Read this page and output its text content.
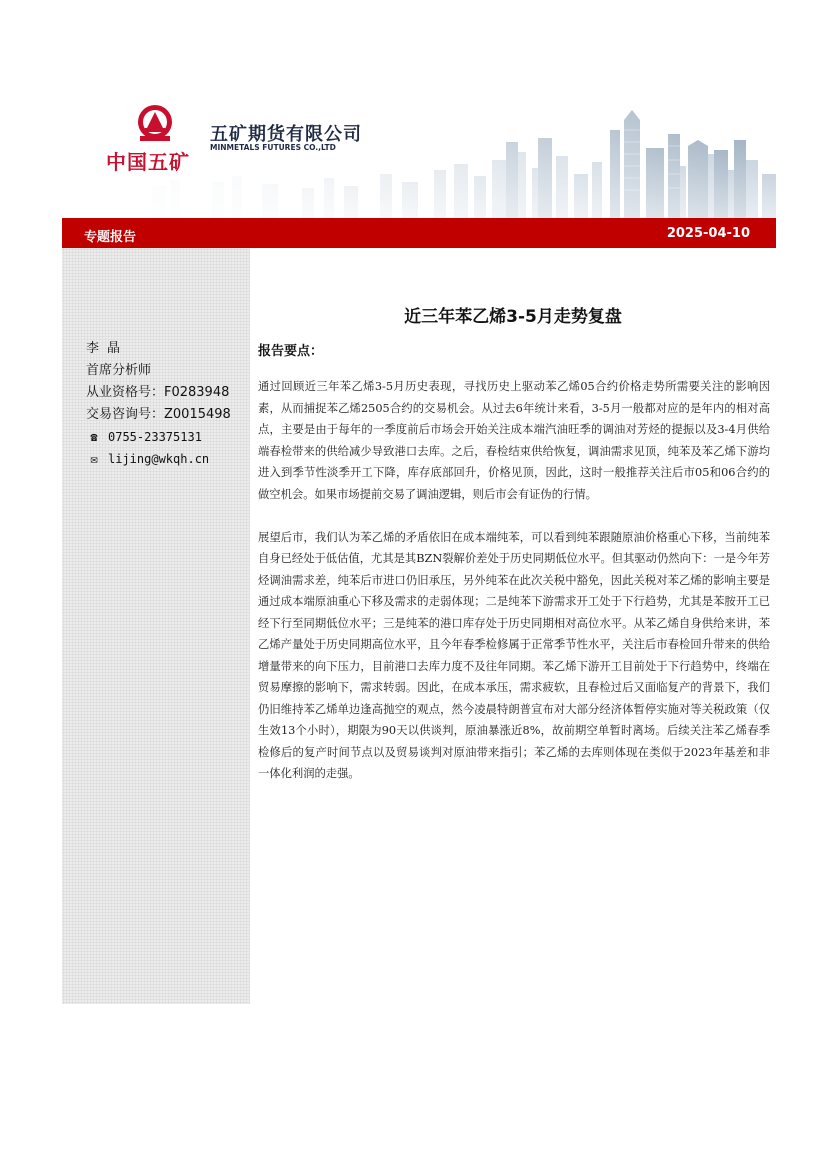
中国五矿
五矿期货有限公司
MINMETALS FUTURES CO.,LTD
专题报告	2025-04-10
李晶
首席分析师
从业资格号：F0283948
交易咨询号：Z0015498
☎ 0755-23375131
✉ lijing@wkqh.cn
近三年苯乙烯3-5月走势复盘
报告要点：

通过回顾近三年苯乙烯3-5月历史表现，寻找历史上驱动苯乙烯05合约价格走势所需要关注的影响因素，从而捕捉苯乙烯2505合约的交易机会。从过去6年统计来看，3-5月一般都对应的是年内的相对高点，主要是由于每年的一季度前后市场会开始关注成本端汽油旺季的调油对芳烃的提振以及3-4月供给端春检带来的供给减少导致港口去库。之后，春检结束供给恢复，调油需求见顶，纯苯及苯乙烯下游均进入到季节性淡季开工下降，库存底部回升，价格见顶，因此，这时一般推荐关注后市05和06合约的做空机会。如果市场提前交易了调油逻辑，则后市会有证伪的行情。

展望后市，我们认为苯乙烯的矛盾依旧在成本端纯苯，可以看到纯苯跟随原油价格重心下移，当前纯苯自身已经处于低估值，尤其是其BZN裂解价差处于历史同期低位水平。但其驱动仍然向下：一是今年芳烃调油需求差，纯苯后市进口仍旧承压，另外纯苯在此次关税中豁免，因此关税对苯乙烯的影响主要是通过成本端原油重心下移及需求的走弱体现；二是纯苯下游需求开工处于下行趋势，尤其是苯胺开工已经下行至同期低位水平；三是纯苯的港口库存处于历史同期相对高位水平。从苯乙烯自身供给来讲，苯乙烯产量处于历史同期高位水平，且今年春季检修属于正常季节性水平，关注后市春检回升带来的供给增量带来的向下压力，目前港口去库力度不及往年同期。苯乙烯下游开工目前处于下行趋势中，终端在贸易摩擦的影响下，需求转弱。因此，在成本承压，需求疲软，且春检过后又面临复产的背景下，我们仍旧维持苯乙烯单边逢高抛空的观点，然今凌晨特朗普宣布对大部分经济体暂停实施对等关税政策（仅生效13个小时），期限为90天以供谈判，原油暴涨近8%，故前期空单暂时离场。后续关注苯乙烯春季检修后的复产时间节点以及贸易谈判对原油带来指引；苯乙烯的去库则体现在类似于2023年基差和非一体化利润的走强。
